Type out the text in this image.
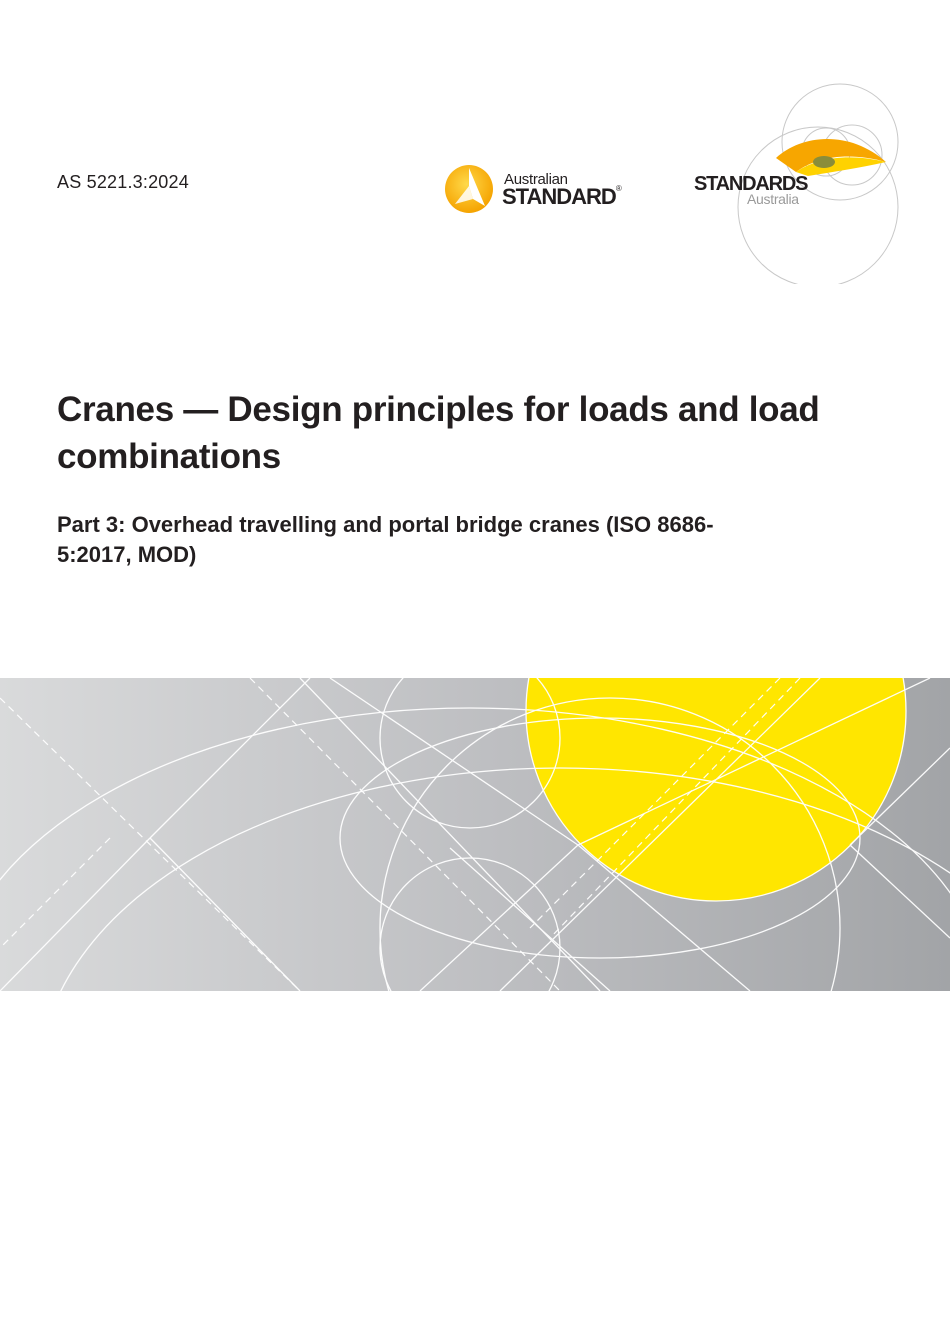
AS 5221.3:2024	Australian
STANDARD®	STANDARDS
Australia
Cranes — Design principles for loads and load combinations
Part 3: Overhead travelling and portal bridge cranes (ISO 8686-5:2017, MOD)
